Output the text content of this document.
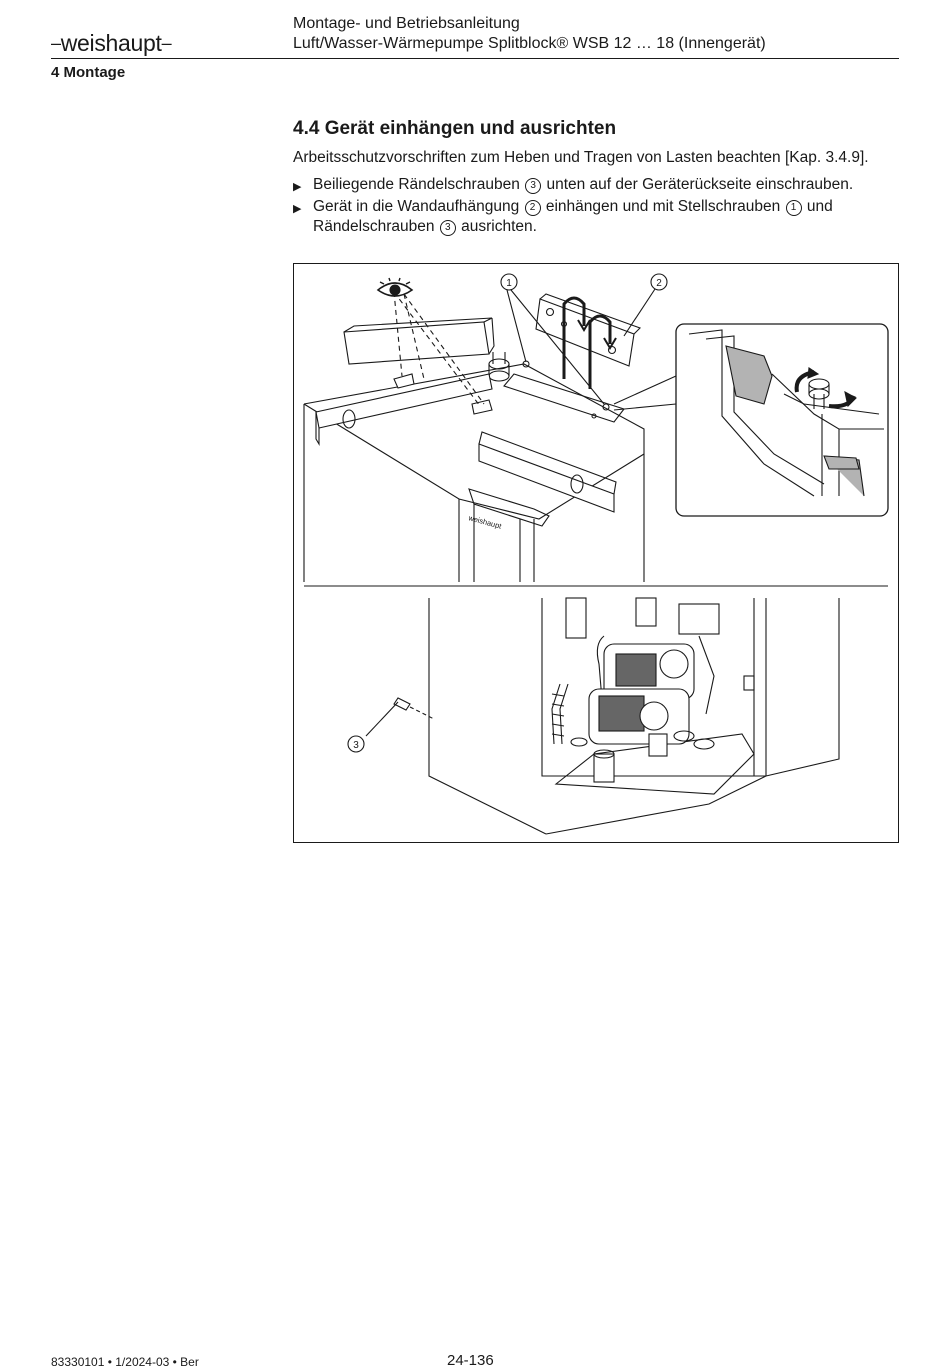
–weishaupt–
Montage- und Betriebsanleitung
Luft/Wasser-Wärmepumpe Splitblock® WSB 12 … 18 (Innengerät)
4 Montage
4.4 Gerät einhängen und ausrichten

Arbeitsschutzvorschriften zum Heben und Tragen von Lasten beachten [Kap. 3.4.9].

▶ Beiliegende Rändelschrauben 3 unten auf der Geräterückseite einschrauben.
▶ Gerät in die Wandaufhängung 2 einhängen und mit Stellschrauben 1 und Rändelschrauben 3 ausrichten.
weishaupt
1	2
3
83330101 • 1/2024-03 • Ber	24-136
